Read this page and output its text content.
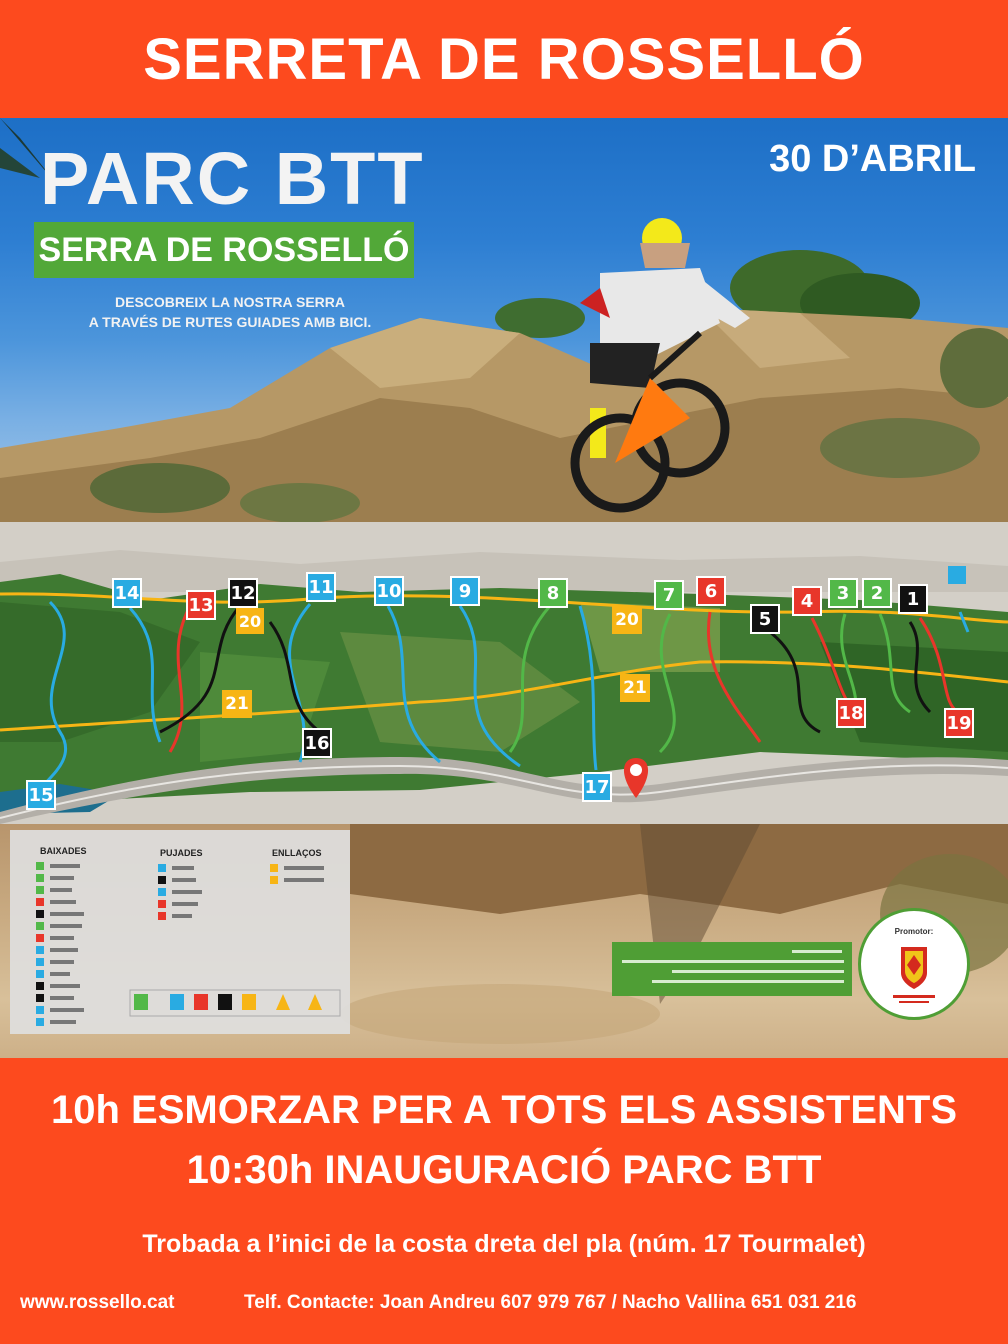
SERRETA DE ROSSELLÓ
PARC BTT
SERRA DE ROSSELLÓ
DESCOBREIX LA NOSTRA SERRA
A TRAVÉS DE RUTES GUIADES AMB BICI.
30 D’ABRIL
14
13
12
20
11 10	9	8
20
7 6
5
4 3 2 1
21
21
16
18	19
15	17
BAIXADES	PUJADES	ENLLAÇOS
Promotor:
10h ESMORZAR PER A TOTS ELS ASSISTENTS
10:30h INAUGURACIÓ PARC BTT
Trobada a l’inici de la costa dreta del pla (núm. 17 Tourmalet)
www.rossello.cat	Telf. Contacte: Joan Andreu 607 979 767 / Nacho Vallina 651 031 216
